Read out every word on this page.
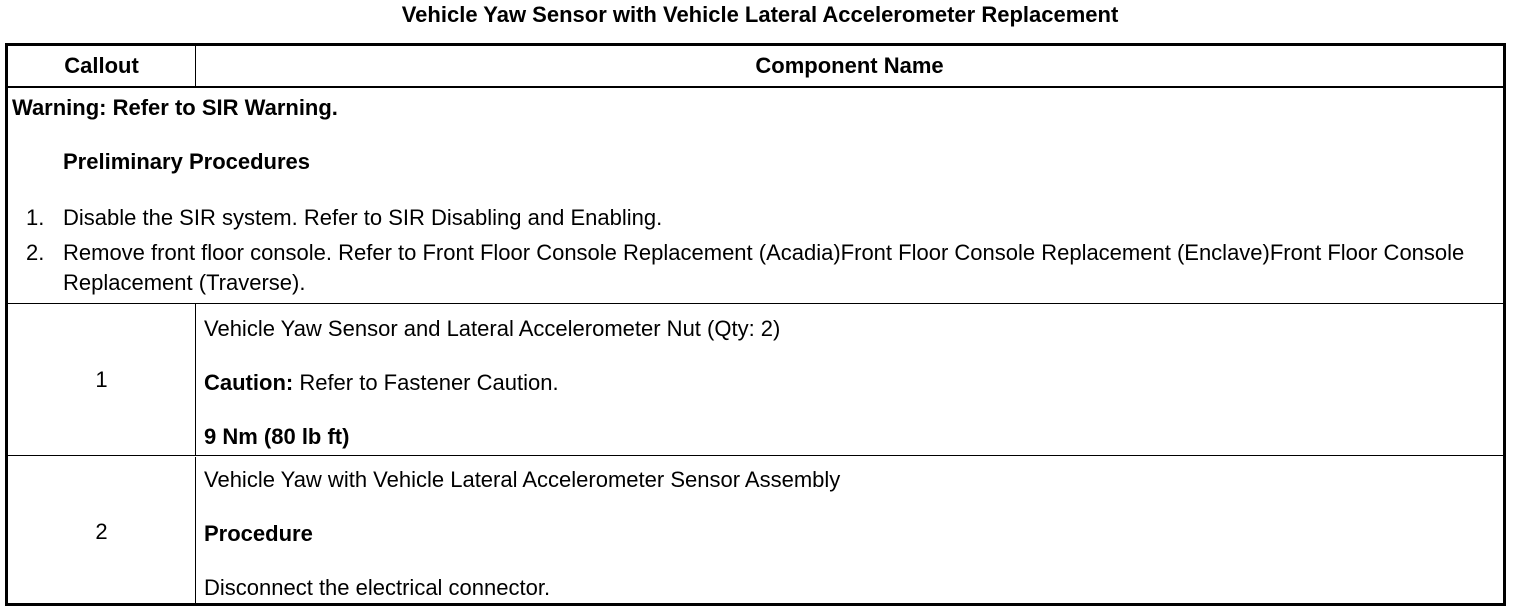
Vehicle Yaw Sensor with Vehicle Lateral Accelerometer Replacement
Callout	Component Name
Warning: Refer to SIR Warning.
Preliminary Procedures
1. Disable the SIR system. Refer to SIR Disabling and Enabling.
2. Remove front floor console. Refer to Front Floor Console Replacement (Acadia)Front Floor Console Replacement (Enclave)Front Floor Console Replacement (Traverse).
1
Vehicle Yaw Sensor and Lateral Accelerometer Nut (Qty: 2)
Caution: Refer to Fastener Caution.
9 Nm (80 lb ft)
2
Vehicle Yaw with Vehicle Lateral Accelerometer Sensor Assembly
Procedure
Disconnect the electrical connector.
